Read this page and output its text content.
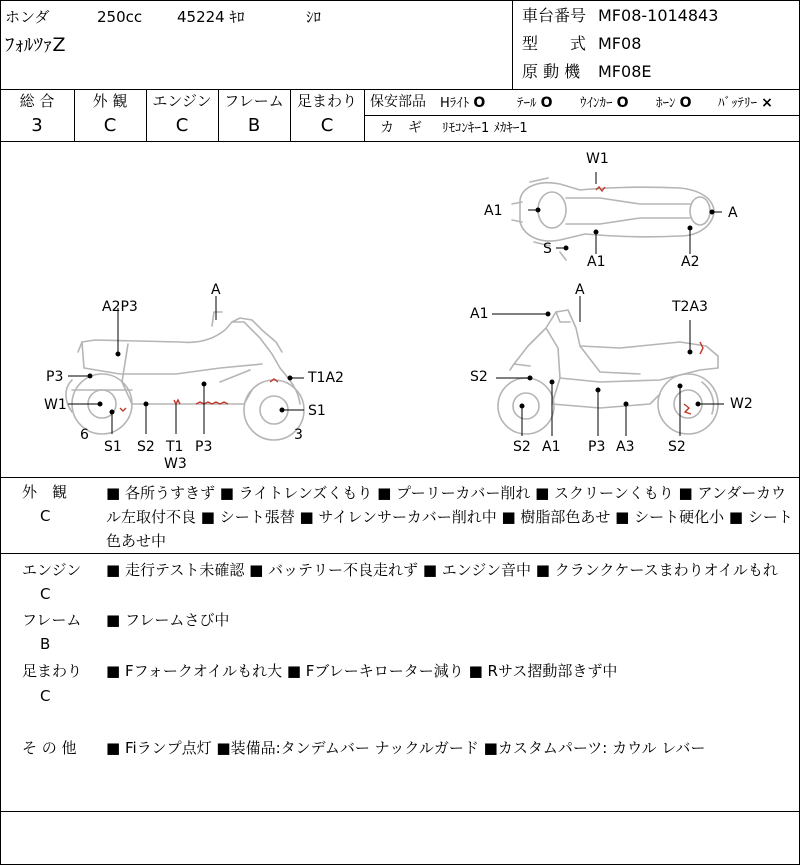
ホンダ	250cc 45224 ｷﾛ	ｼﾛ
ﾌｫﾙﾂｧZ
車台番号 MF08-1014843
型　　式 MF08
原 動 機 MF08E
総 合	外 観	エンジン フレーム 足まわり
3	C	C	B	C
保安部品 Hﾗｲﾄ O ﾃｰﾙ O ｳｲﾝｶｰ O ﾎｰﾝ O ﾊﾞｯﾃﾘｰ ×
カ　ギ ﾘﾓｺﾝｷｰ1 ﾒｶｷｰ1
W1
A1	A
S
A1	A2
A2P3
A
P3
W1
6
S1 S2 T1
W3
P3
T1A2
S1
3
A1
A
T2A3
S2
W2
S2 A1 P3 A3 S2
外　観
C
■ 各所うすきず ■ ライトレンズくもり ■ プーリーカバー削れ ■ スクリーンくもり ■ アンダーカウル左取付不良 ■ シート張替 ■ サイレンサーカバー削れ中 ■ 樹脂部色あせ ■ シート硬化小 ■ シート色あせ中
エンジン
C
■ 走行テスト未確認 ■ バッテリー不良走れず ■ エンジン音中 ■ クランクケースまわりオイルもれ
フレーム
B
■ フレームさび中
足まわり
C
■ Fフォークオイルもれ大 ■ Fブレーキローター減り ■ Rサス摺動部きず中
そ の 他 ■ Fiランプ点灯 ■装備品:タンデムバー ナックルガード ■カスタムパーツ: カウル レバー
